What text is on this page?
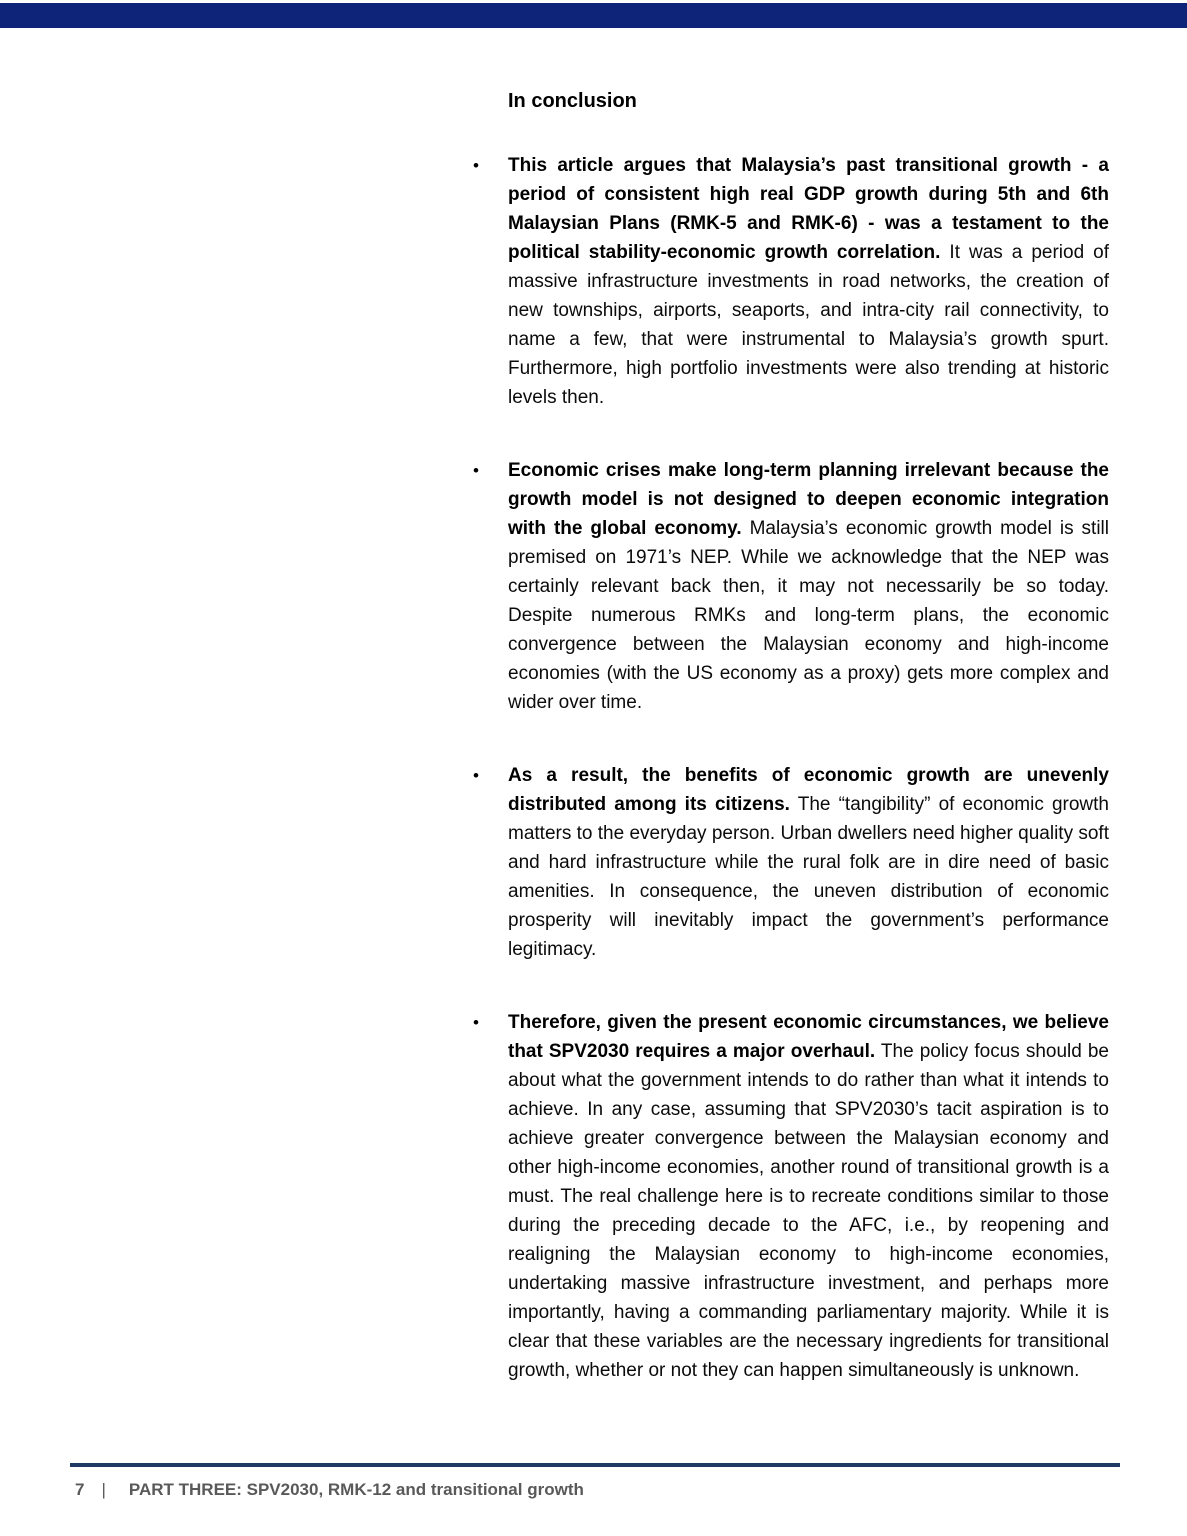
In conclusion
• This article argues that Malaysia’s past transitional growth - a period of consistent high real GDP growth during 5th and 6th Malaysian Plans (RMK-5 and RMK-6) - was a testament to the political stability-economic growth correlation. It was a period of massive infrastructure investments in road networks, the creation of new townships, airports, seaports, and intra-city rail connectivity, to name a few, that were instrumental to Malaysia’s growth spurt. Furthermore, high portfolio investments were also trending at historic levels then.
• Economic crises make long-term planning irrelevant because the growth model is not designed to deepen economic integration with the global economy. Malaysia’s economic growth model is still premised on 1971’s NEP. While we acknowledge that the NEP was certainly relevant back then, it may not necessarily be so today. Despite numerous RMKs and long-term plans, the economic convergence between the Malaysian economy and high-income economies (with the US economy as a proxy) gets more complex and wider over time.
• As a result, the benefits of economic growth are unevenly distributed among its citizens. The “tangibility” of economic growth matters to the everyday person. Urban dwellers need higher quality soft and hard infrastructure while the rural folk are in dire need of basic amenities. In consequence, the uneven distribution of economic prosperity will inevitably impact the government’s performance legitimacy.
• Therefore, given the present economic circumstances, we believe that SPV2030 requires a major overhaul. The policy focus should be about what the government intends to do rather than what it intends to achieve. In any case, assuming that SPV2030’s tacit aspiration is to achieve greater convergence between the Malaysian economy and other high-income economies, another round of transitional growth is a must. The real challenge here is to recreate conditions similar to those during the preceding decade to the AFC, i.e., by reopening and realigning the Malaysian economy to high-income economies, undertaking massive infrastructure investment, and perhaps more importantly, having a commanding parliamentary majority. While it is clear that these variables are the necessary ingredients for transitional growth, whether or not they can happen simultaneously is unknown.
7 | PART THREE: SPV2030, RMK-12 and transitional growth
